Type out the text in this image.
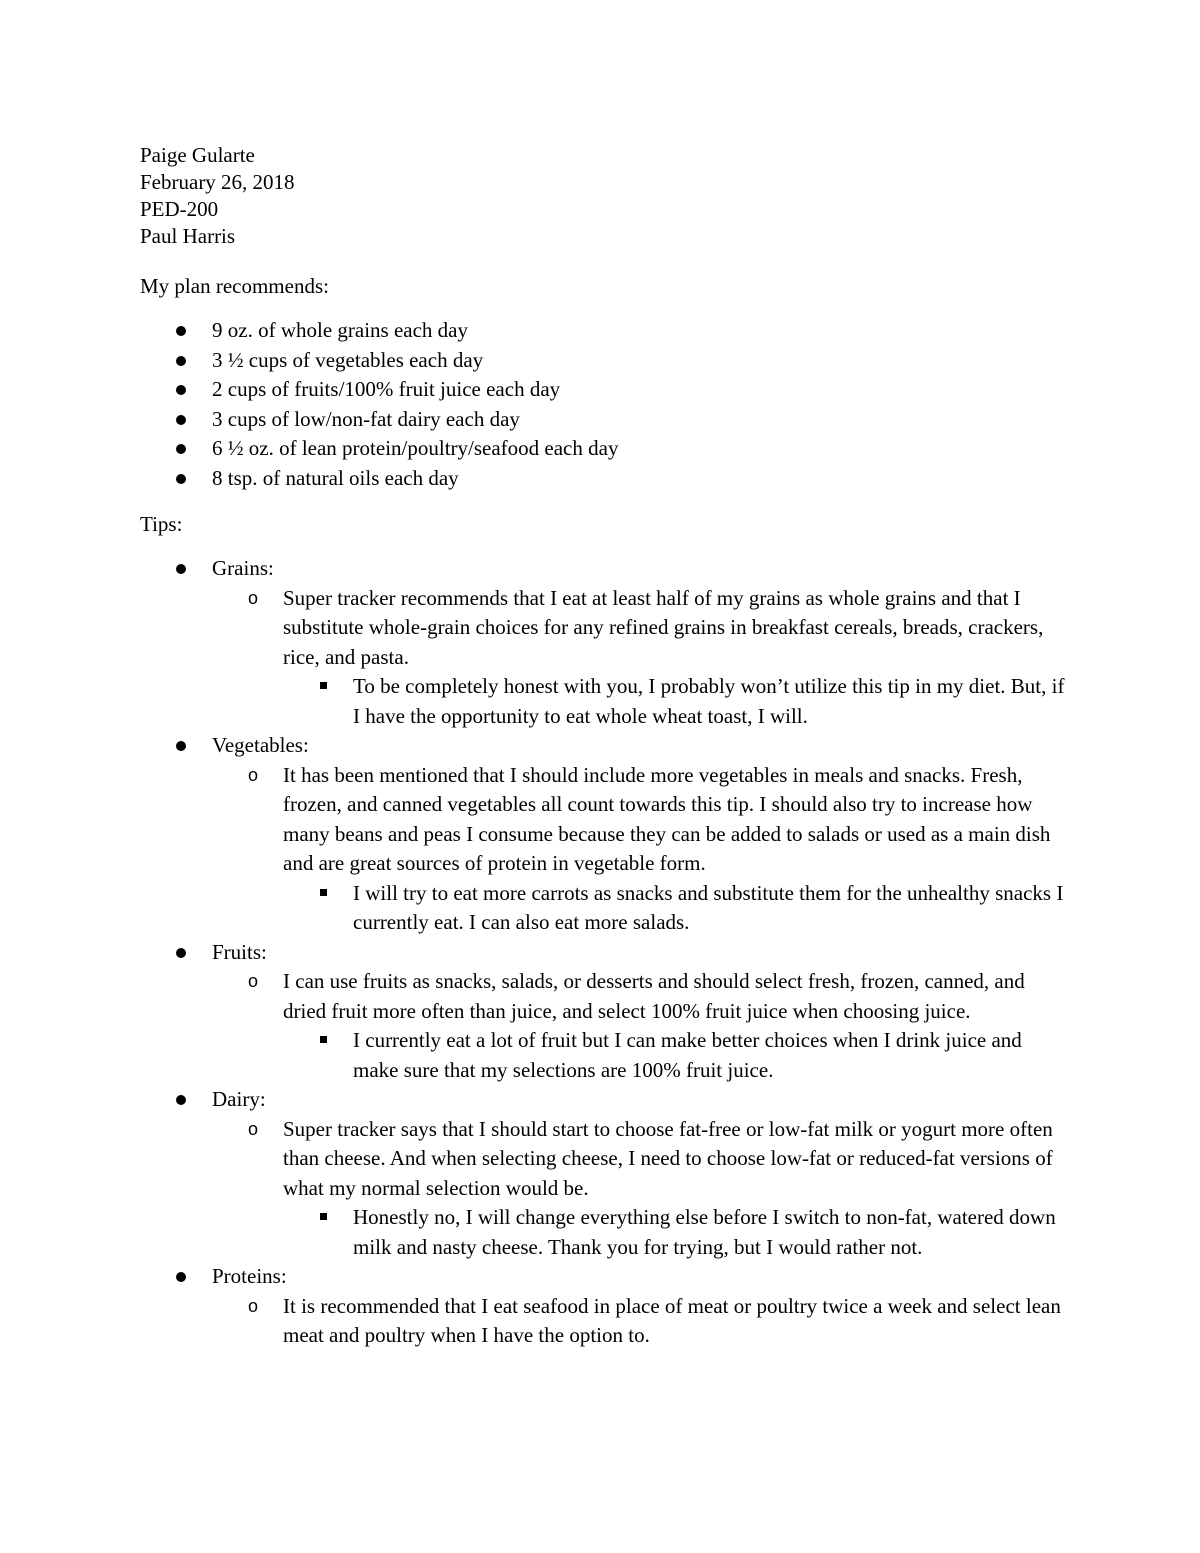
Paige Gularte

February 26, 2018

PED-200

Paul Harris

My plan recommends:

9 oz. of whole grains each day
3 ½ cups of vegetables each day
2 cups of fruits/100% fruit juice each day
3 cups of low/non-fat dairy each day
6 ½ oz. of lean protein/poultry/seafood each day
8 tsp. of natural oils each day

Tips:

Grains:
o Super tracker recommends that I eat at least half of my grains as whole grains and that I substitute whole-grain choices for any refined grains in breakfast cereals, breads, crackers, rice, and pasta.
To be completely honest with you, I probably won’t utilize this tip in my diet. But, if I have the opportunity to eat whole wheat toast, I will.
Vegetables:
o It has been mentioned that I should include more vegetables in meals and snacks. Fresh, frozen, and canned vegetables all count towards this tip. I should also try to increase how many beans and peas I consume because they can be added to salads or used as a main dish and are great sources of protein in vegetable form.
I will try to eat more carrots as snacks and substitute them for the unhealthy snacks I currently eat. I can also eat more salads.
Fruits:
o I can use fruits as snacks, salads, or desserts and should select fresh, frozen, canned, and dried fruit more often than juice, and select 100% fruit juice when choosing juice.
I currently eat a lot of fruit but I can make better choices when I drink juice and make sure that my selections are 100% fruit juice.
Dairy:
o Super tracker says that I should start to choose fat-free or low-fat milk or yogurt more often than cheese. And when selecting cheese, I need to choose low-fat or reduced-fat versions of what my normal selection would be.
Honestly no, I will change everything else before I switch to non-fat, watered down milk and nasty cheese. Thank you for trying, but I would rather not.
Proteins:
o It is recommended that I eat seafood in place of meat or poultry twice a week and select lean meat and poultry when I have the option to.
